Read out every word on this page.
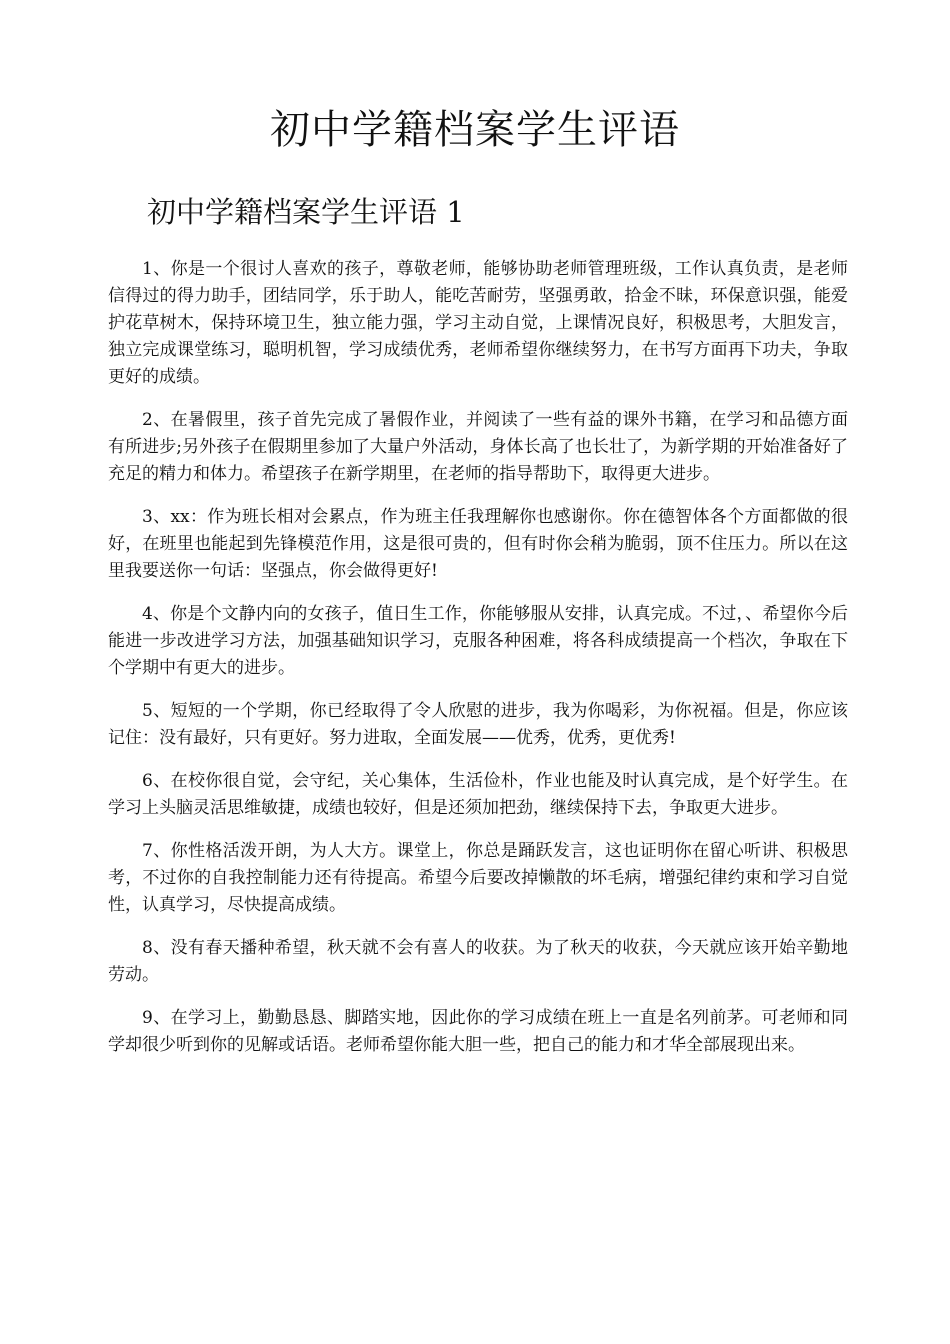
初中学籍档案学生评语
初中学籍档案学生评语 1

1、你是一个很讨人喜欢的孩子，尊敬老师，能够协助老师管理班级，工作认真负责，是老师信得过的得力助手，团结同学，乐于助人，能吃苦耐劳，坚强勇敢，拾金不昧，环保意识强，能爱护花草树木，保持环境卫生，独立能力强，学习主动自觉，上课情况良好，积极思考，大胆发言，独立完成课堂练习，聪明机智，学习成绩优秀，老师希望你继续努力，在书写方面再下功夫，争取更好的成绩。

2、在暑假里，孩子首先完成了暑假作业，并阅读了一些有益的课外书籍，在学习和品德方面有所进步;另外孩子在假期里参加了大量户外活动，身体长高了也长壮了，为新学期的开始准备好了充足的精力和体力。希望孩子在新学期里，在老师的指导帮助下，取得更大进步。

3、xx：作为班长相对会累点，作为班主任我理解你也感谢你。你在德智体各个方面都做的很好，在班里也能起到先锋模范作用，这是很可贵的，但有时你会稍为脆弱，顶不住压力。所以在这里我要送你一句话：坚强点，你会做得更好!

4、你是个文静内向的女孩子，值日生工作，你能够服从安排，认真完成。不过，、希望你今后能进一步改进学习方法，加强基础知识学习，克服各种困难，将各科成绩提高一个档次，争取在下个学期中有更大的进步。

5、短短的一个学期，你已经取得了令人欣慰的进步，我为你喝彩，为你祝福。但是，你应该记住：没有最好，只有更好。努力进取，全面发展——优秀，优秀，更优秀!

6、在校你很自觉，会守纪，关心集体，生活俭朴，作业也能及时认真完成，是个好学生。在学习上头脑灵活思维敏捷，成绩也较好，但是还须加把劲，继续保持下去，争取更大进步。

7、你性格活泼开朗，为人大方。课堂上，你总是踊跃发言，这也证明你在留心听讲、积极思考，不过你的自我控制能力还有待提高。希望今后要改掉懒散的坏毛病，增强纪律约束和学习自觉性，认真学习，尽快提高成绩。

8、没有春天播种希望，秋天就不会有喜人的收获。为了秋天的收获，今天就应该开始辛勤地劳动。

9、在学习上，勤勤恳恳、脚踏实地，因此你的学习成绩在班上一直是名列前茅。可老师和同学却很少听到你的见解或话语。老师希望你能大胆一些，把自己的能力和才华全部展现出来。
